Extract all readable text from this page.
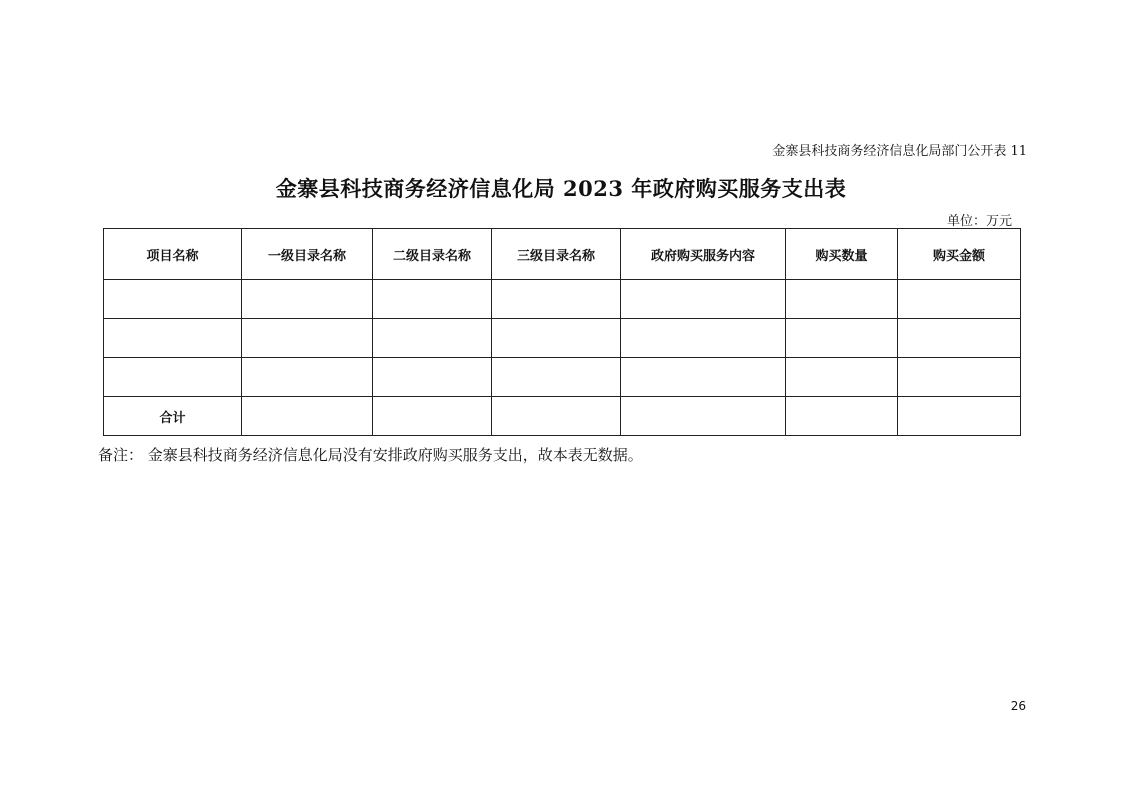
金寨县科技商务经济信息化局部门公开表 11
金寨县科技商务经济信息化局 2023 年政府购买服务支出表
单位：万元
项目名称	一级目录名称	二级目录名称	三级目录名称	政府购买服务内容	购买数量	购买金额

合计						
备注： 金寨县科技商务经济信息化局没有安排政府购买服务支出，故本表无数据。
26
